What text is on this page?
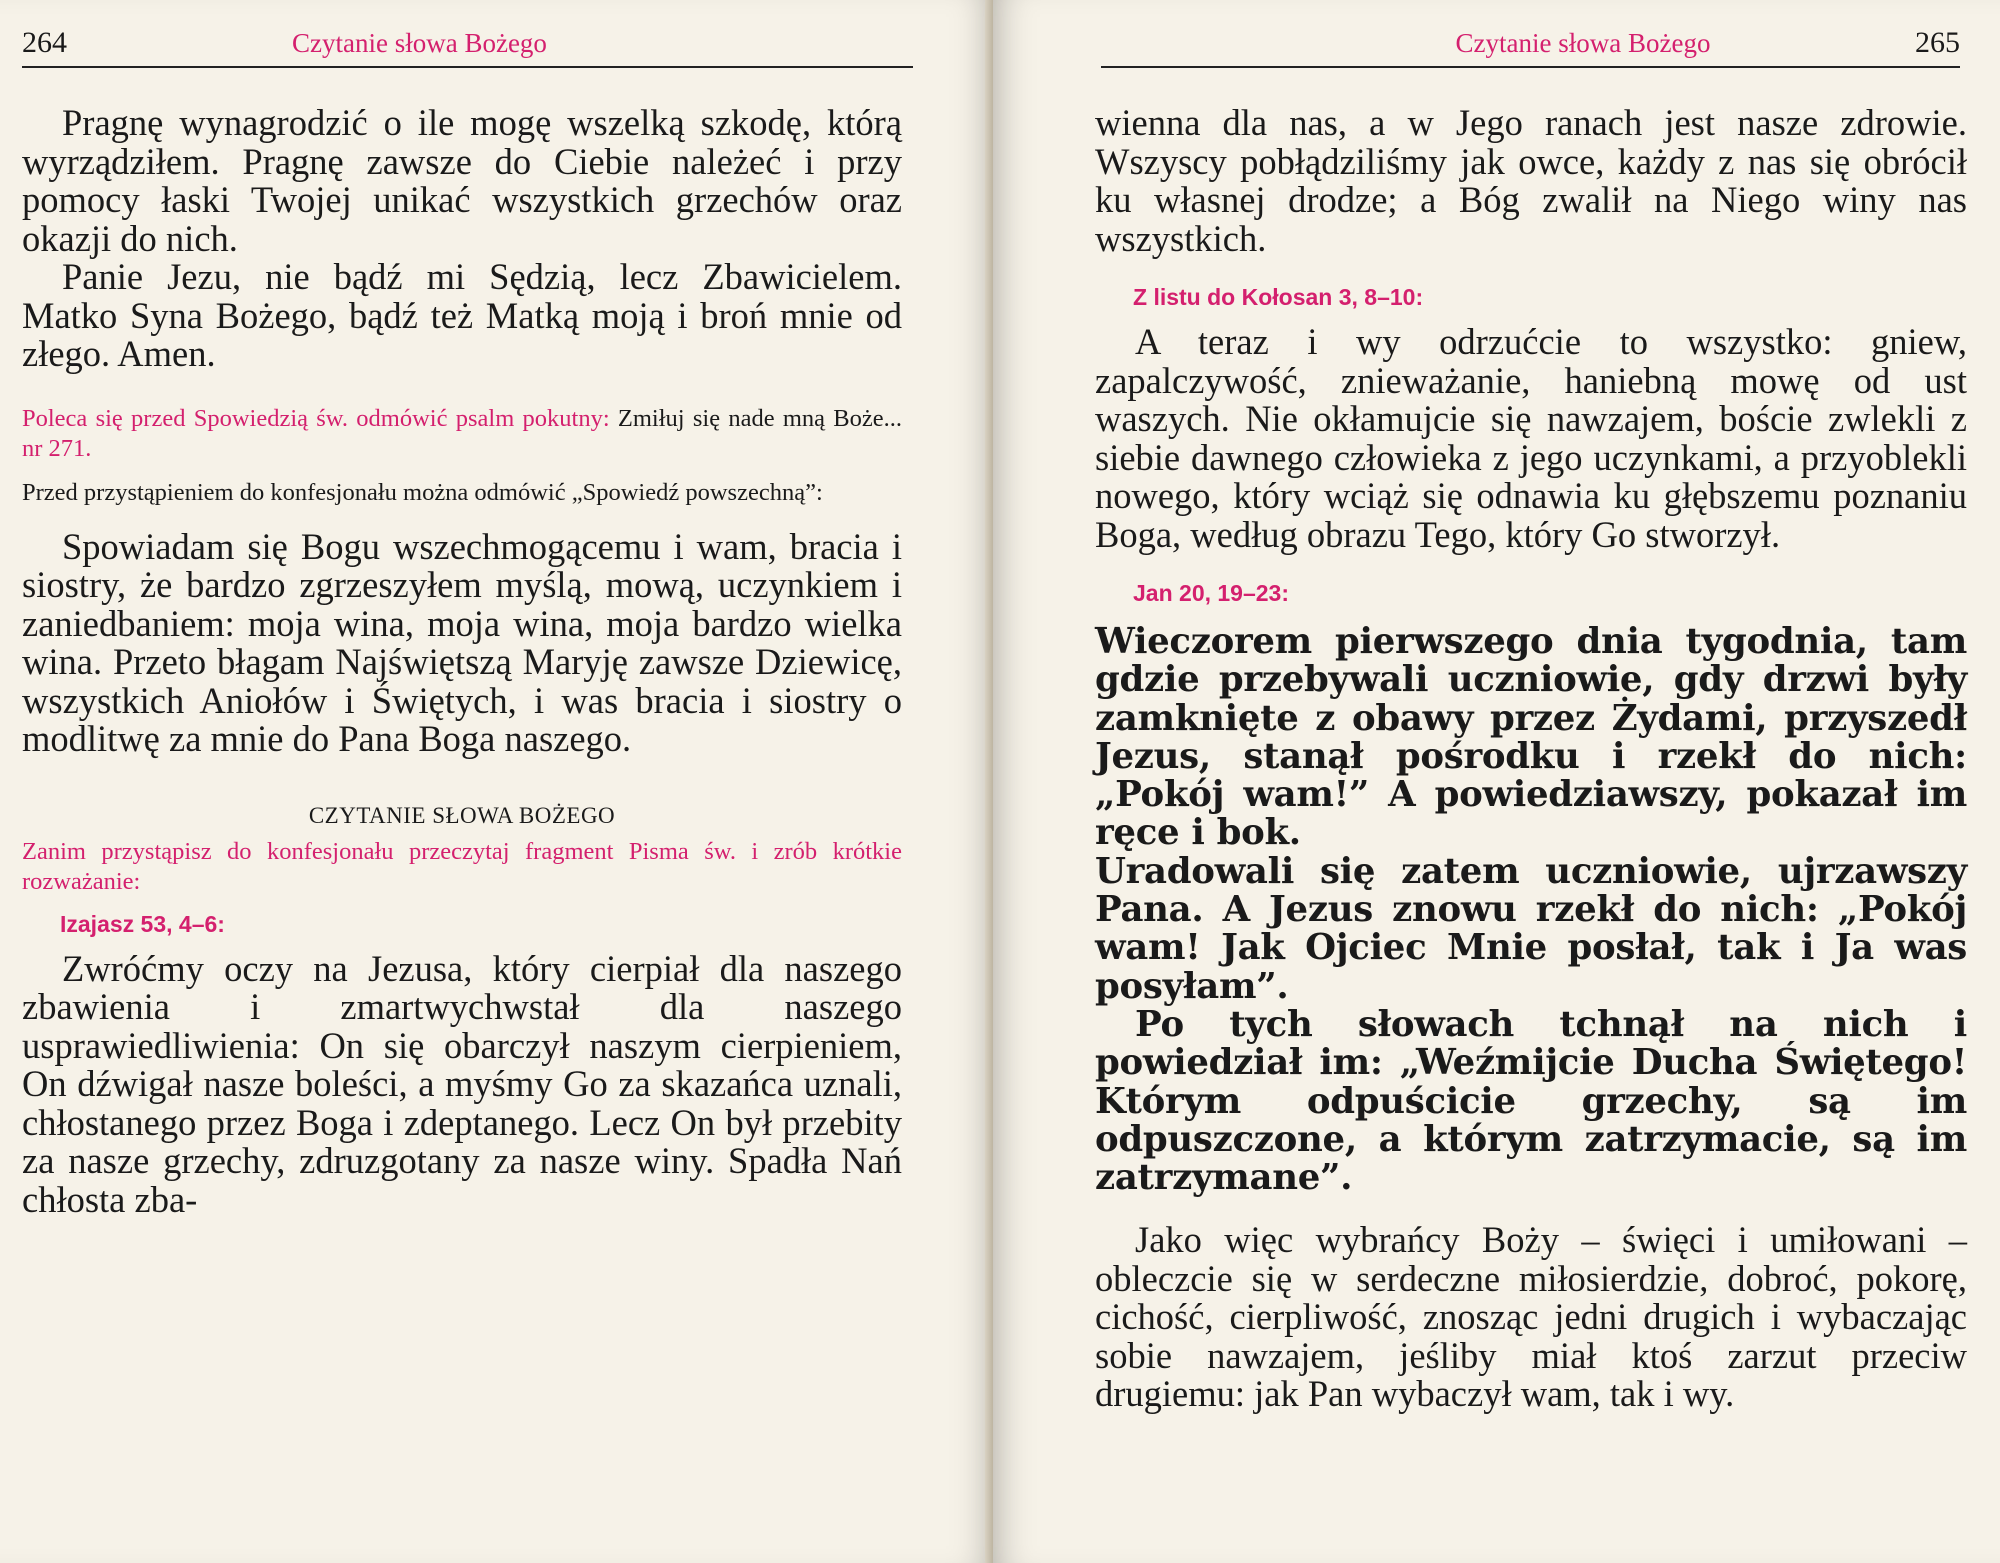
264	Czytanie słowa Bożego

Pragnę wynagrodzić o ile mogę wszelką szkodę, którą wyrządziłem. Pragnę zawsze do Ciebie należeć i przy pomocy łaski Twojej unikać wszystkich grzechów oraz okazji do nich.

Panie Jezu, nie bądź mi Sędzią, lecz Zbawicielem. Matko Syna Bożego, bądź też Matką moją i broń mnie od złego. Amen.

Poleca się przed Spowiedzią św. odmówić psalm pokutny: Zmiłuj się nade mną Boże... nr 271.

Przed przystąpieniem do konfesjonału można odmówić „Spowiedź powszechną”:

Spowiadam się Bogu wszechmogącemu i wam, bracia i siostry, że bardzo zgrzeszyłem myślą, mową, uczynkiem i zaniedbaniem: moja wina, moja wina, moja bardzo wielka wina. Przeto błagam Najświętszą Maryję zawsze Dziewicę, wszystkich Aniołów i Świętych, i was bracia i siostry o modlitwę za mnie do Pana Boga naszego.

CZYTANIE SŁOWA BOŻEGO

Zanim przystąpisz do konfesjonału przeczytaj fragment Pisma św. i zrób krótkie rozważanie:

Izajasz 53, 4–6:

Zwróćmy oczy na Jezusa, który cierpiał dla naszego zbawienia i zmartwychwstał dla naszego usprawiedliwienia: On się obarczył naszym cierpieniem, On dźwigał nasze boleści, a myśmy Go za skazańca uznali, chłostanego przez Boga i zdeptanego. Lecz On był przebity za nasze grzechy, zdruzgotany za nasze winy. Spadła Nań chłosta zba-

Czytanie słowa Bożego	265

wienna dla nas, a w Jego ranach jest nasze zdrowie. Wszyscy pobłądziliśmy jak owce, każdy z nas się obrócił ku własnej drodze; a Bóg zwalił na Niego winy nas wszystkich.

Z listu do Kołosan 3, 8–10:

A teraz i wy odrzućcie to wszystko: gniew, zapalczywość, znieważanie, haniebną mowę od ust waszych. Nie okłamujcie się nawzajem, boście zwlekli z siebie dawnego człowieka z jego uczynkami, a przyoblekli nowego, który wciąż się odnawia ku głębszemu poznaniu Boga, według obrazu Tego, który Go stworzył.

Jan 20, 19–23:

Wieczorem pierwszego dnia tygodnia, tam gdzie przebywali uczniowie, gdy drzwi były zamknięte z obawy przez Żydami, przyszedł Jezus, stanął pośrodku i rzekł do nich: „Pokój wam!” A powiedziawszy, pokazał im ręce i bok.

Uradowali się zatem uczniowie, ujrzawszy Pana. A Jezus znowu rzekł do nich: „Pokój wam! Jak Ojciec Mnie posłał, tak i Ja was posyłam”.

Po tych słowach tchnął na nich i powiedział im: „Weźmijcie Ducha Świętego! Którym odpuścicie grzechy, są im odpuszczone, a którym zatrzymacie, są im zatrzymane”.

Jako więc wybrańcy Boży – święci i umiłowani – obleczcie się w serdeczne miłosierdzie, dobroć, pokorę, cichość, cierpliwość, znosząc jedni drugich i wybaczając sobie nawzajem, jeśliby miał ktoś zarzut przeciw drugiemu: jak Pan wybaczył wam, tak i wy.
